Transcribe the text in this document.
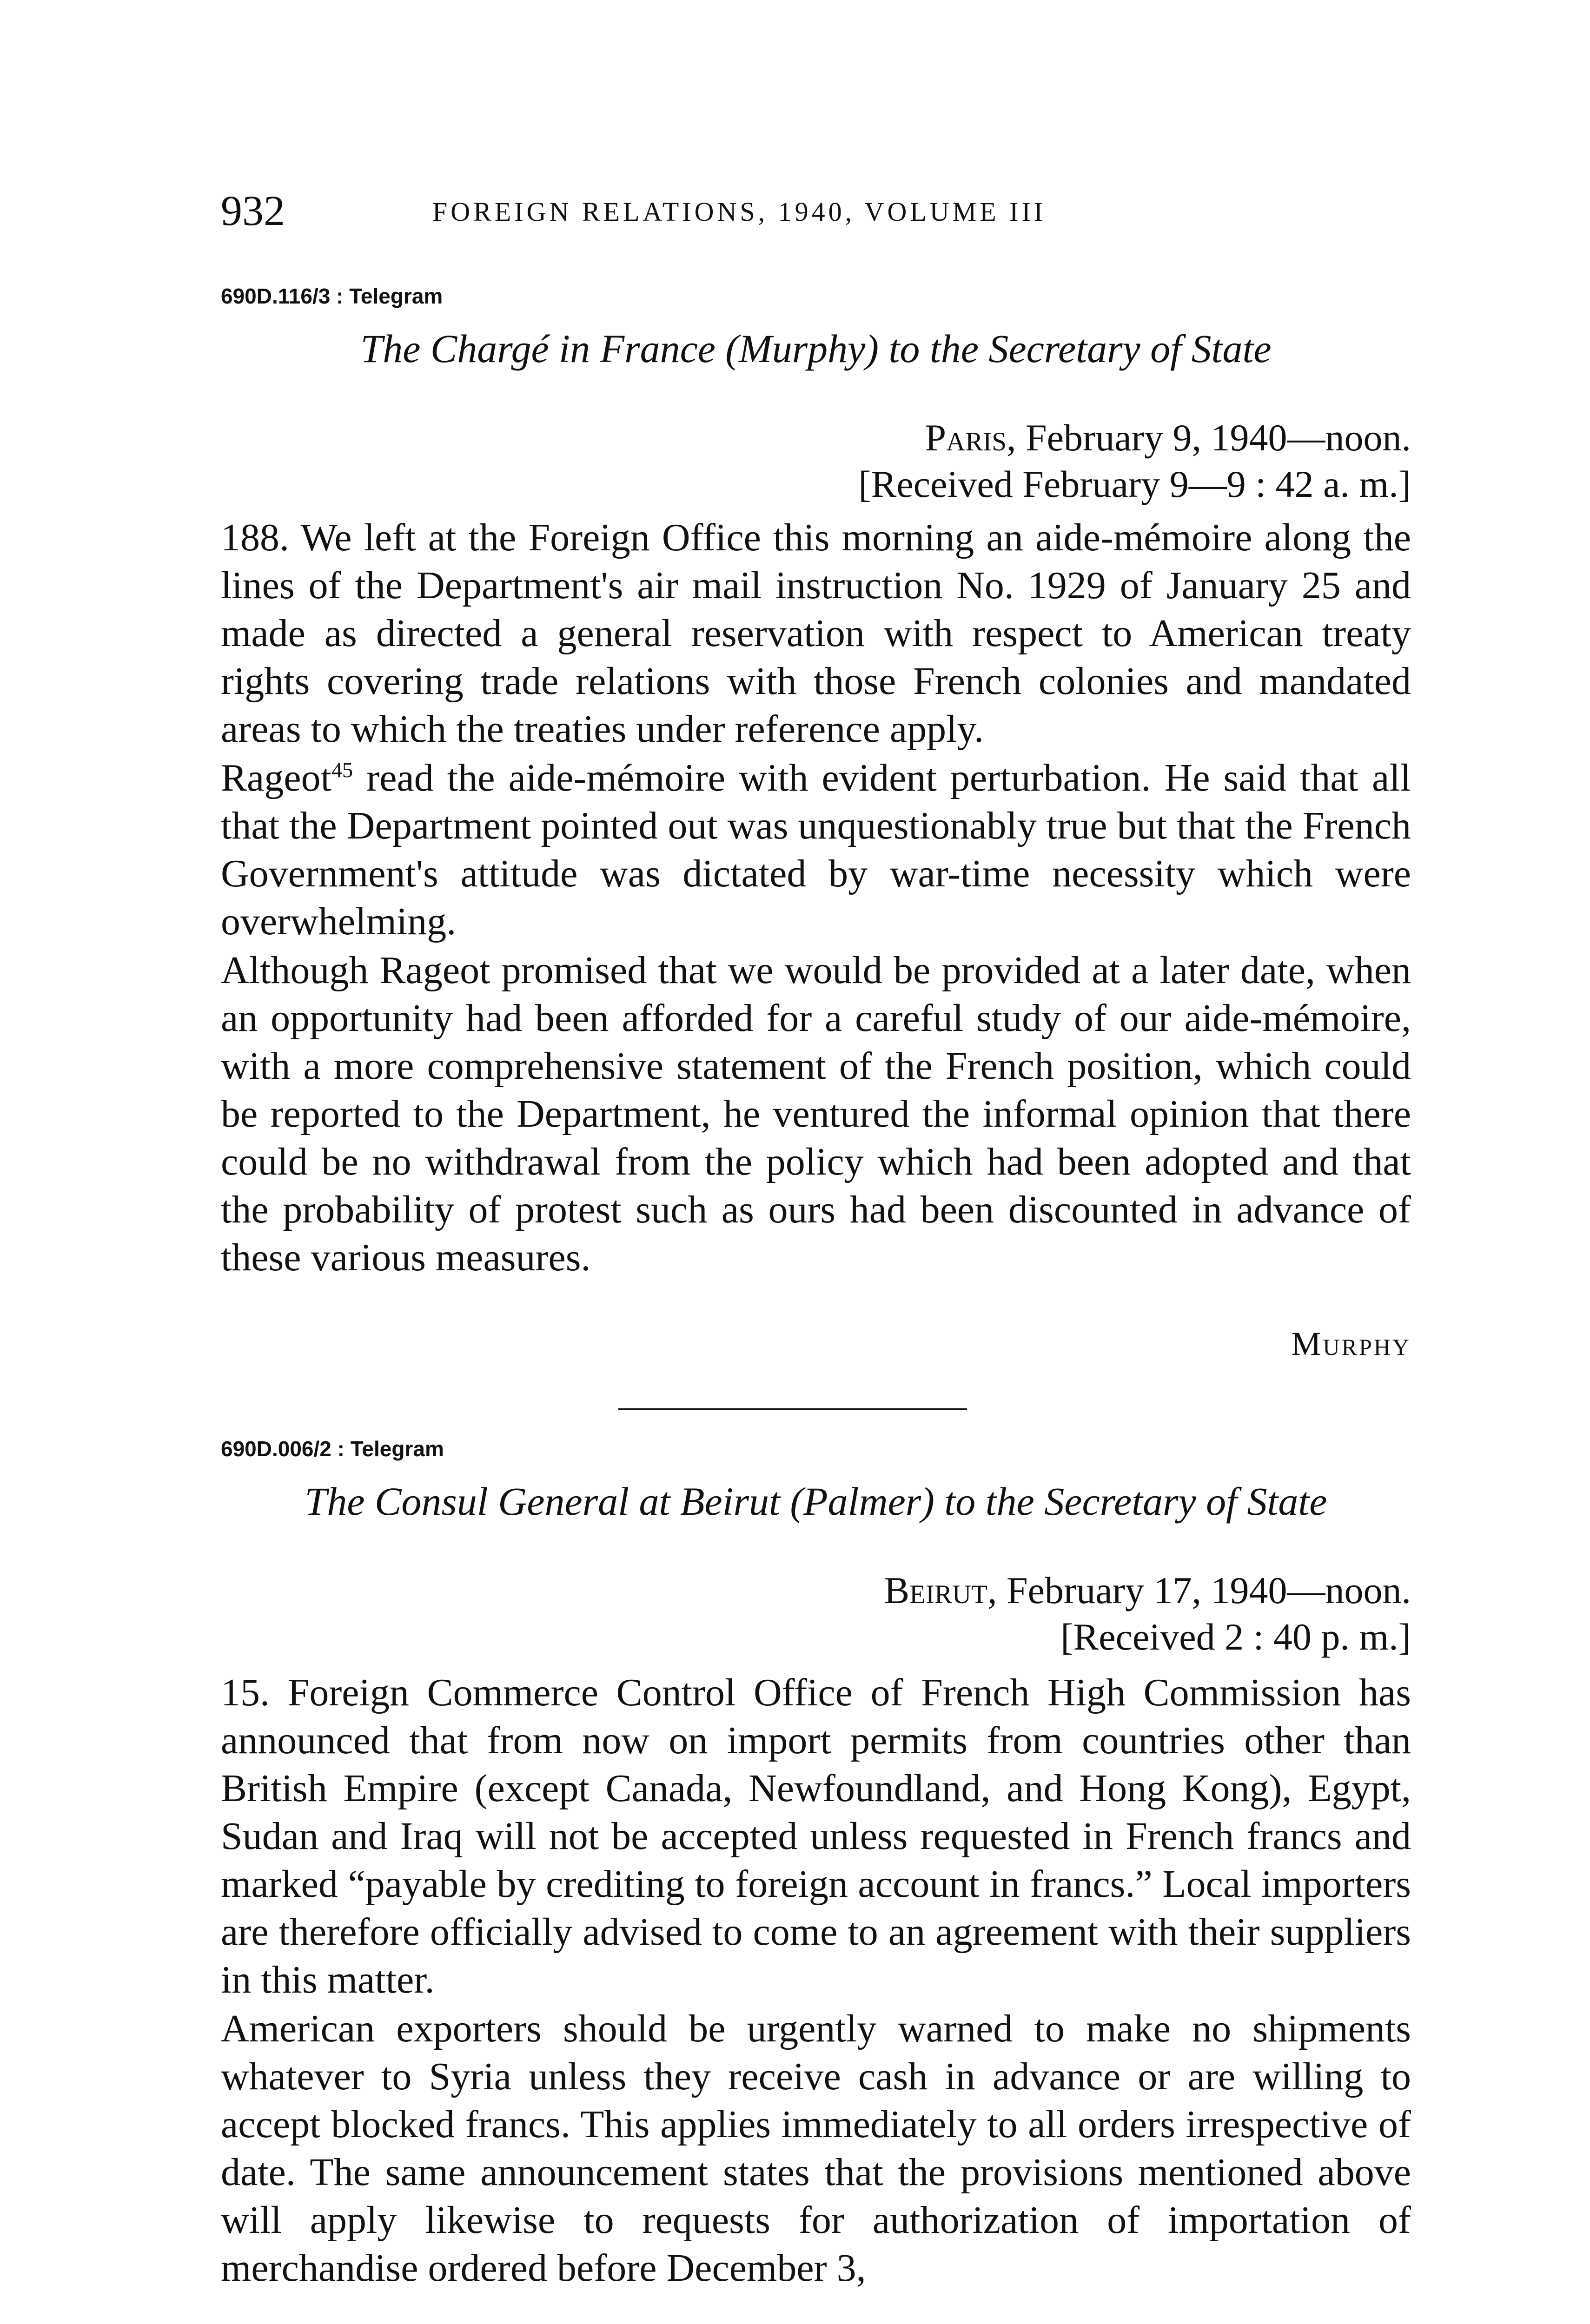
932	FOREIGN RELATIONS, 1940, VOLUME III
690D.116/3 : Telegram
The Chargé in France (Murphy) to the Secretary of State
Paris, February 9, 1940—noon.
[Received February 9—9 : 42 a. m.]

188. We left at the Foreign Office this morning an aide-mémoire along the lines of the Department's air mail instruction No. 1929 of January 25 and made as directed a general reservation with respect to American treaty rights covering trade relations with those French colonies and mandated areas to which the treaties under reference apply.

Rageot$^{45}$ read the aide-mémoire with evident perturbation. He said that all that the Department pointed out was unquestionably true but that the French Government's attitude was dictated by war-time necessity which were overwhelming.

Although Rageot promised that we would be provided at a later date, when an opportunity had been afforded for a careful study of our aide-mémoire, with a more comprehensive statement of the French position, which could be reported to the Department, he ventured the informal opinion that there could be no withdrawal from the policy which had been adopted and that the probability of protest such as ours had been discounted in advance of these various measures.

Murphy
690D.006/2 : Telegram
The Consul General at Beirut (Palmer) to the Secretary of State
Beirut, February 17, 1940—noon.
[Received 2 : 40 p. m.]

15. Foreign Commerce Control Office of French High Commission has announced that from now on import permits from countries other than British Empire (except Canada, Newfoundland, and Hong Kong), Egypt, Sudan and Iraq will not be accepted unless requested in French francs and marked “payable by crediting to foreign account in francs.” Local importers are therefore officially advised to come to an agreement with their suppliers in this matter.

American exporters should be urgently warned to make no shipments whatever to Syria unless they receive cash in advance or are willing to accept blocked francs. This applies immediately to all orders irrespective of date. The same announcement states that the provisions mentioned above will apply likewise to requests for authorization of importation of merchandise ordered before December 3,
